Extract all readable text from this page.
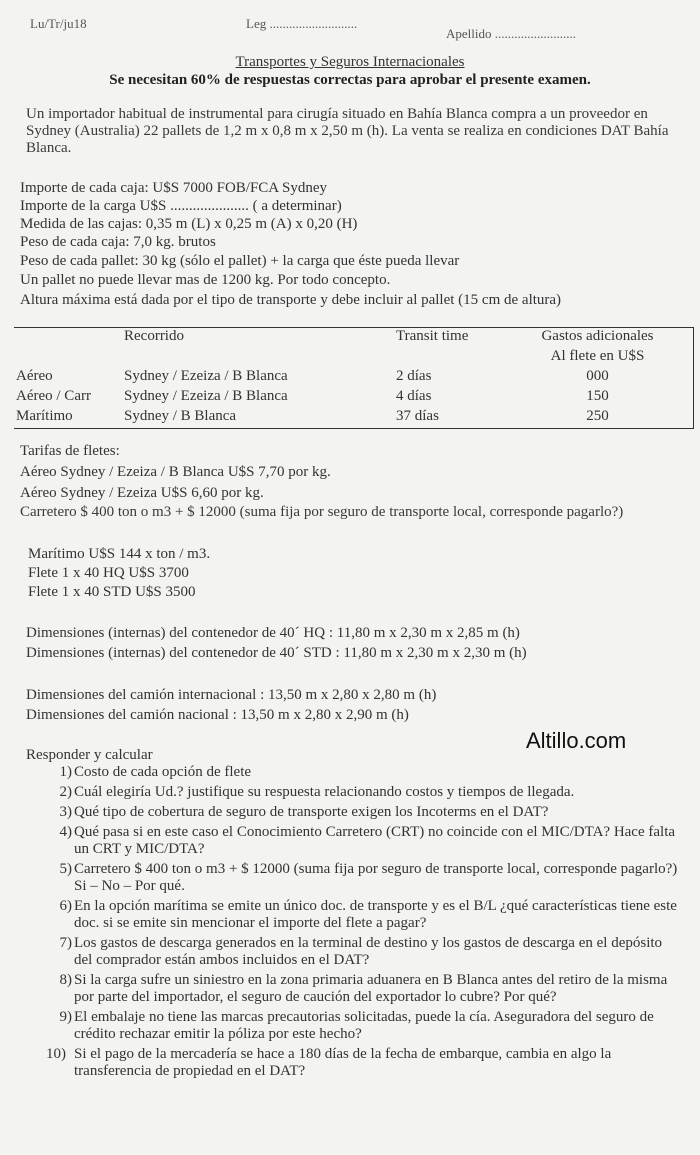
Lu/Tr/ju18	Leg ...........................
Apellido .........................
Transportes y Seguros Internacionales
Se necesitan 60% de respuestas correctas para aprobar el presente examen.
Un importador habitual de instrumental para cirugía situado en Bahía Blanca compra a un proveedor en Sydney (Australia) 22 pallets de 1,2 m x 0,8 m x 2,50 m (h). La venta se realiza en condiciones DAT Bahía Blanca.
Importe de cada caja: U$S 7000 FOB/FCA Sydney
Importe de la carga U$S ..................... ( a determinar)
Medida de las cajas: 0,35 m (L) x 0,25 m (A) x 0,20 (H)
Peso de cada caja: 7,0 kg. brutos
Peso de cada pallet: 30 kg (sólo el pallet) + la carga que éste pueda llevar
Un pallet no puede llevar mas de 1200 kg. Por todo concepto.
Altura máxima está dada por el tipo de transporte y debe incluir al pallet (15 cm de altura)
	Recorrido	Transit time	Gastos adicionales
			Al flete en U$S
Aéreo	Sydney / Ezeiza / B Blanca	2 días	000
Aéreo / Carr	Sydney / Ezeiza / B Blanca	4 días	150
Marítimo	Sydney / B Blanca	37 días	250
Tarifas de fletes:
Aéreo Sydney / Ezeiza / B Blanca U$S 7,70 por kg.
Aéreo Sydney / Ezeiza U$S 6,60 por kg.
Carretero $ 400 ton o m3 + $ 12000 (suma fija por seguro de transporte local, corresponde pagarlo?)
Marítimo U$S 144 x ton / m3.
Flete 1 x 40 HQ U$S 3700
Flete 1 x 40 STD U$S 3500
Dimensiones (internas) del contenedor de 40´ HQ : 11,80 m x 2,30 m x 2,85 m (h)
Dimensiones (internas) del contenedor de 40´ STD : 11,80 m x 2,30 m x 2,30 m (h)
Dimensiones del camión internacional : 13,50 m x 2,80 x 2,80 m (h)
Dimensiones del camión nacional : 13,50 m x 2,80 x 2,90 m (h)
Altillo.com
Responder y calcular
1) Costo de cada opción de flete
2) Cuál elegiría Ud.? justifique su respuesta relacionando costos y tiempos de llegada.
3) Qué tipo de cobertura de seguro de transporte exigen los Incoterms en el DAT?
4) Qué pasa si en este caso el Conocimiento Carretero (CRT) no coincide con el MIC/DTA? Hace falta un CRT y MIC/DTA?
5) Carretero $ 400 ton o m3 + $ 12000 (suma fija por seguro de transporte local, corresponde pagarlo?) Si – No – Por qué.
6) En la opción marítima se emite un único doc. de transporte y es el B/L ¿qué características tiene este doc. si se emite sin mencionar el importe del flete a pagar?
7) Los gastos de descarga generados en la terminal de destino y los gastos de descarga en el depósito del comprador están ambos incluidos en el DAT?
8) Si la carga sufre un siniestro en la zona primaria aduanera en B Blanca antes del retiro de la misma por parte del importador, el seguro de caución del exportador lo cubre? Por qué?
9) El embalaje no tiene las marcas precautorias solicitadas, puede la cía. Aseguradora del seguro de crédito rechazar emitir la póliza por este hecho?
10) Si el pago de la mercadería se hace a 180 días de la fecha de embarque, cambia en algo la transferencia de propiedad en el DAT?
